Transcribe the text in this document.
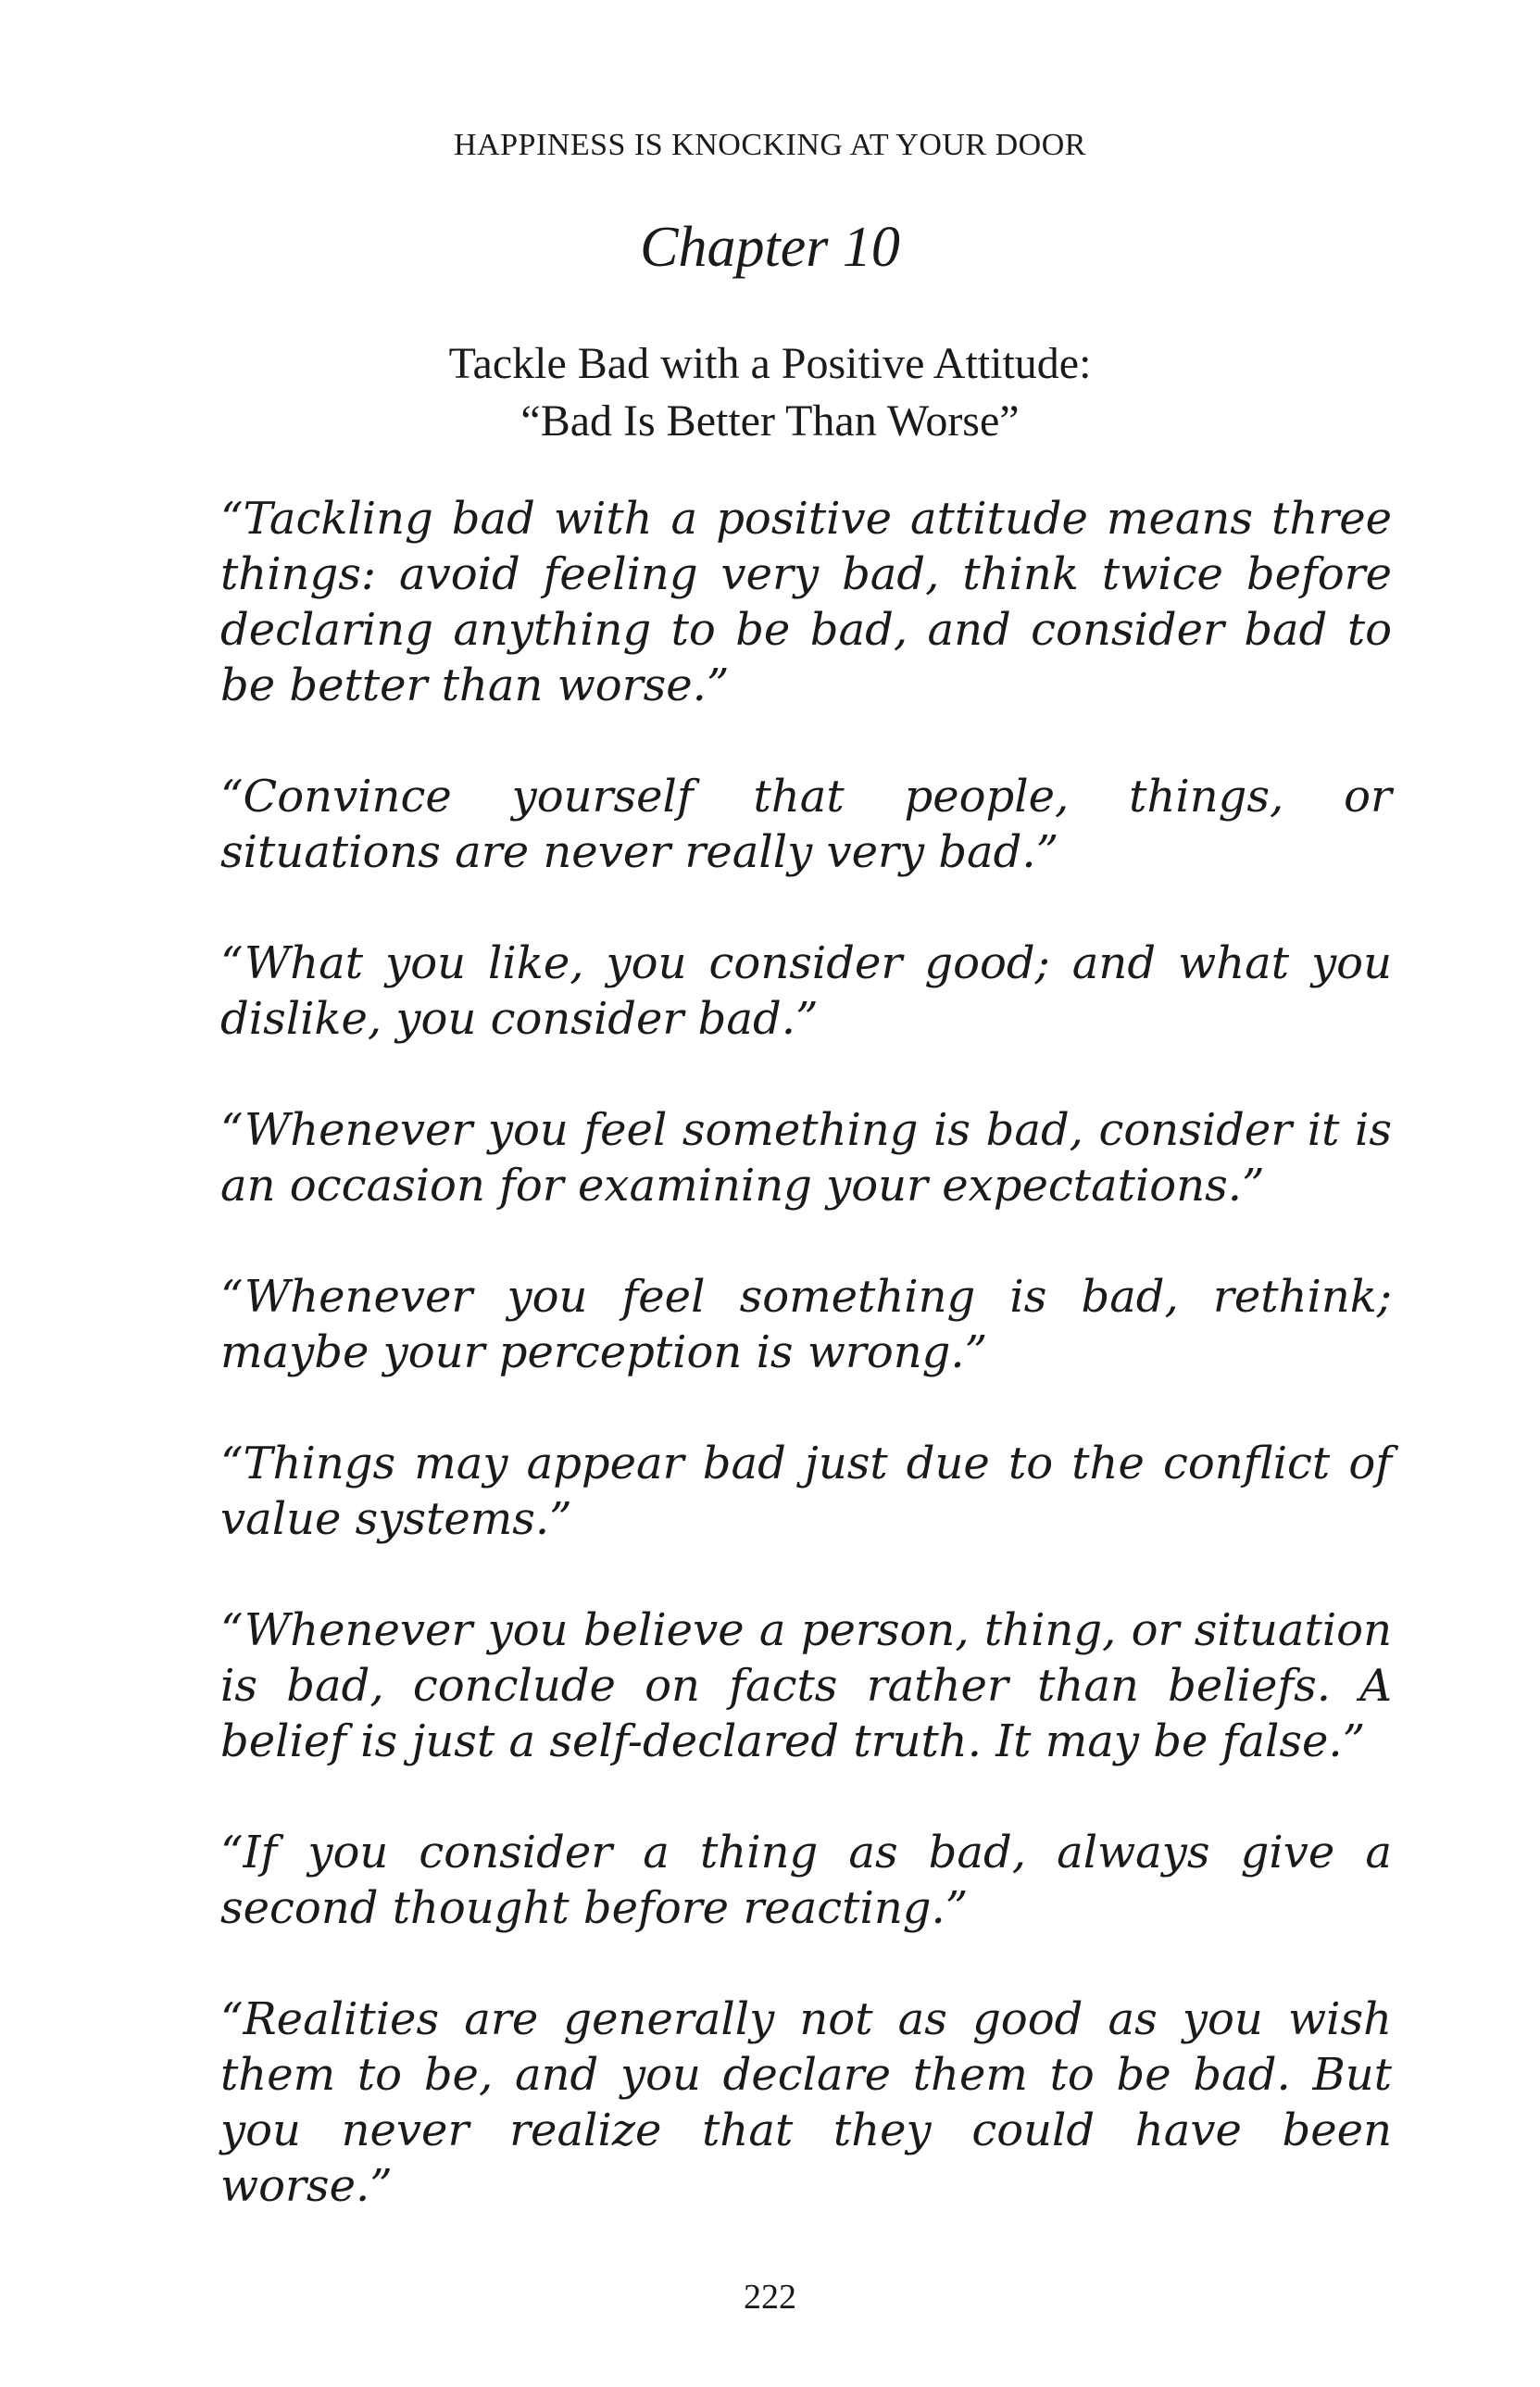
HAPPINESS IS KNOCKING AT YOUR DOOR
Chapter 10
Tackle Bad with a Positive Attitude:
“Bad Is Better Than Worse”

“Tackling bad with a positive attitude means three things: avoid feeling very bad, think twice before declaring anything to be bad, and consider bad to be better than worse.”

“Convince yourself that people, things, or situations are never really very bad.”

“What you like, you consider good; and what you dislike, you consider bad.”

“Whenever you feel something is bad, consider it is an occasion for examining your expectations.”

“Whenever you feel something is bad, rethink; maybe your perception is wrong.”

“Things may appear bad just due to the conflict of value systems.”

“Whenever you believe a person, thing, or situation is bad, conclude on facts rather than beliefs. A belief is just a self-declared truth. It may be false.”

“If you consider a thing as bad, always give a second thought before reacting.”

“Realities are generally not as good as you wish them to be, and you declare them to be bad. But you never realize that they could have been worse.”

222
